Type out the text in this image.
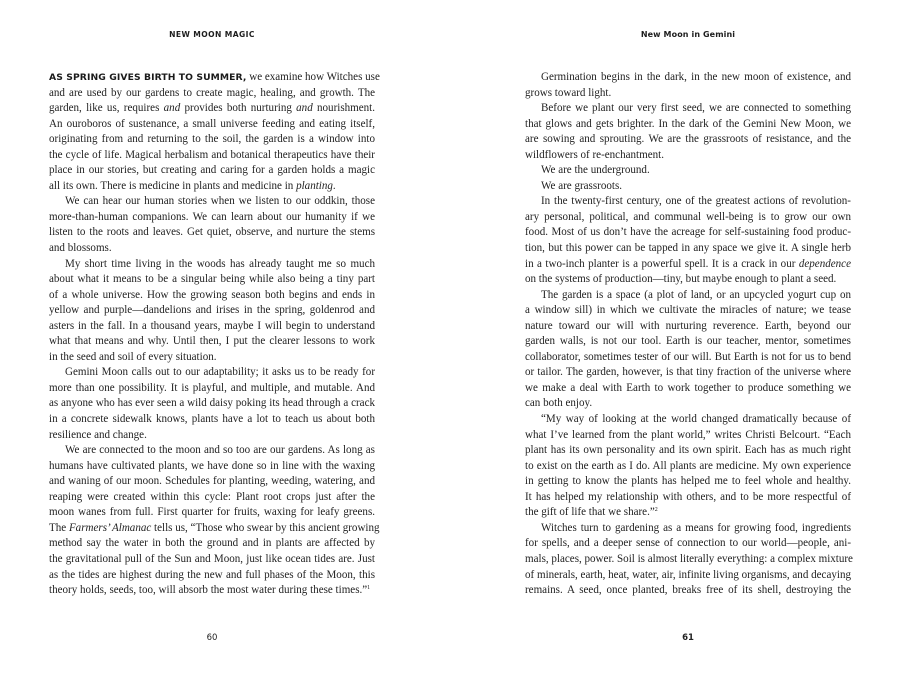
NEW MOON MAGIC

AS SPRING GIVES BIRTH TO SUMMER, we examine how Witches use
and are used by our gardens to create magic, healing, and growth. The
garden, like us, requires and provides both nurturing and nourishment.
An ouroboros of sustenance, a small universe feeding and eating itself,
originating from and returning to the soil, the garden is a window into
the cycle of life. Magical herbalism and botanical therapeutics have their
place in our stories, but creating and caring for a garden holds a magic
all its own. There is medicine in plants and medicine in planting.

We can hear our human stories when we listen to our oddkin, those
more-than-human companions. We can learn about our humanity if we
listen to the roots and leaves. Get quiet, observe, and nurture the stems
and blossoms.

My short time living in the woods has already taught me so much
about what it means to be a singular being while also being a tiny part
of a whole universe. How the growing season both begins and ends in
yellow and purple—dandelions and irises in the spring, goldenrod and
asters in the fall. In a thousand years, maybe I will begin to understand
what that means and why. Until then, I put the clearer lessons to work
in the seed and soil of every situation.

Gemini Moon calls out to our adaptability; it asks us to be ready for
more than one possibility. It is playful, and multiple, and mutable. And
as anyone who has ever seen a wild daisy poking its head through a crack
in a concrete sidewalk knows, plants have a lot to teach us about both
resilience and change.

We are connected to the moon and so too are our gardens. As long as
humans have cultivated plants, we have done so in line with the waxing
and waning of our moon. Schedules for planting, weeding, watering, and
reaping were created within this cycle: Plant root crops just after the
moon wanes from full. First quarter for fruits, waxing for leafy greens.
The Farmers’ Almanac tells us, “Those who swear by this ancient growing
method say the water in both the ground and in plants are affected by
the gravitational pull of the Sun and Moon, just like ocean tides are. Just
as the tides are highest during the new and full phases of the Moon, this
theory holds, seeds, too, will absorb the most water during these times.”$^1$

60
New Moon in Gemini

Germination begins in the dark, in the new moon of existence, and
grows toward light.

Before we plant our very first seed, we are connected to something
that glows and gets brighter. In the dark of the Gemini New Moon, we
are sowing and sprouting. We are the grassroots of resistance, and the
wildflowers of re-enchantment.

We are the underground.

We are grassroots.

In the twenty-first century, one of the greatest actions of revolution-
ary personal, political, and communal well-being is to grow our own
food. Most of us don’t have the acreage for self-sustaining food produc-
tion, but this power can be tapped in any space we give it. A single herb
in a two-inch planter is a powerful spell. It is a crack in our dependence
on the systems of production—tiny, but maybe enough to plant a seed.

The garden is a space (a plot of land, or an upcycled yogurt cup on
a window sill) in which we cultivate the miracles of nature; we tease
nature toward our will with nurturing reverence. Earth, beyond our
garden walls, is not our tool. Earth is our teacher, mentor, sometimes
collaborator, sometimes tester of our will. But Earth is not for us to bend
or tailor. The garden, however, is that tiny fraction of the universe where
we make a deal with Earth to work together to produce something we
can both enjoy.

“My way of looking at the world changed dramatically because of
what I’ve learned from the plant world,” writes Christi Belcourt. “Each
plant has its own personality and its own spirit. Each has as much right
to exist on the earth as I do. All plants are medicine. My own experience
in getting to know the plants has helped me to feel whole and healthy.
It has helped my relationship with others, and to be more respectful of
the gift of life that we share.”$^2$

Witches turn to gardening as a means for growing food, ingredients
for spells, and a deeper sense of connection to our world—people, ani-
mals, places, power. Soil is almost literally everything: a complex mixture
of minerals, earth, heat, water, air, infinite living organisms, and decaying
remains. A seed, once planted, breaks free of its shell, destroying the

61
